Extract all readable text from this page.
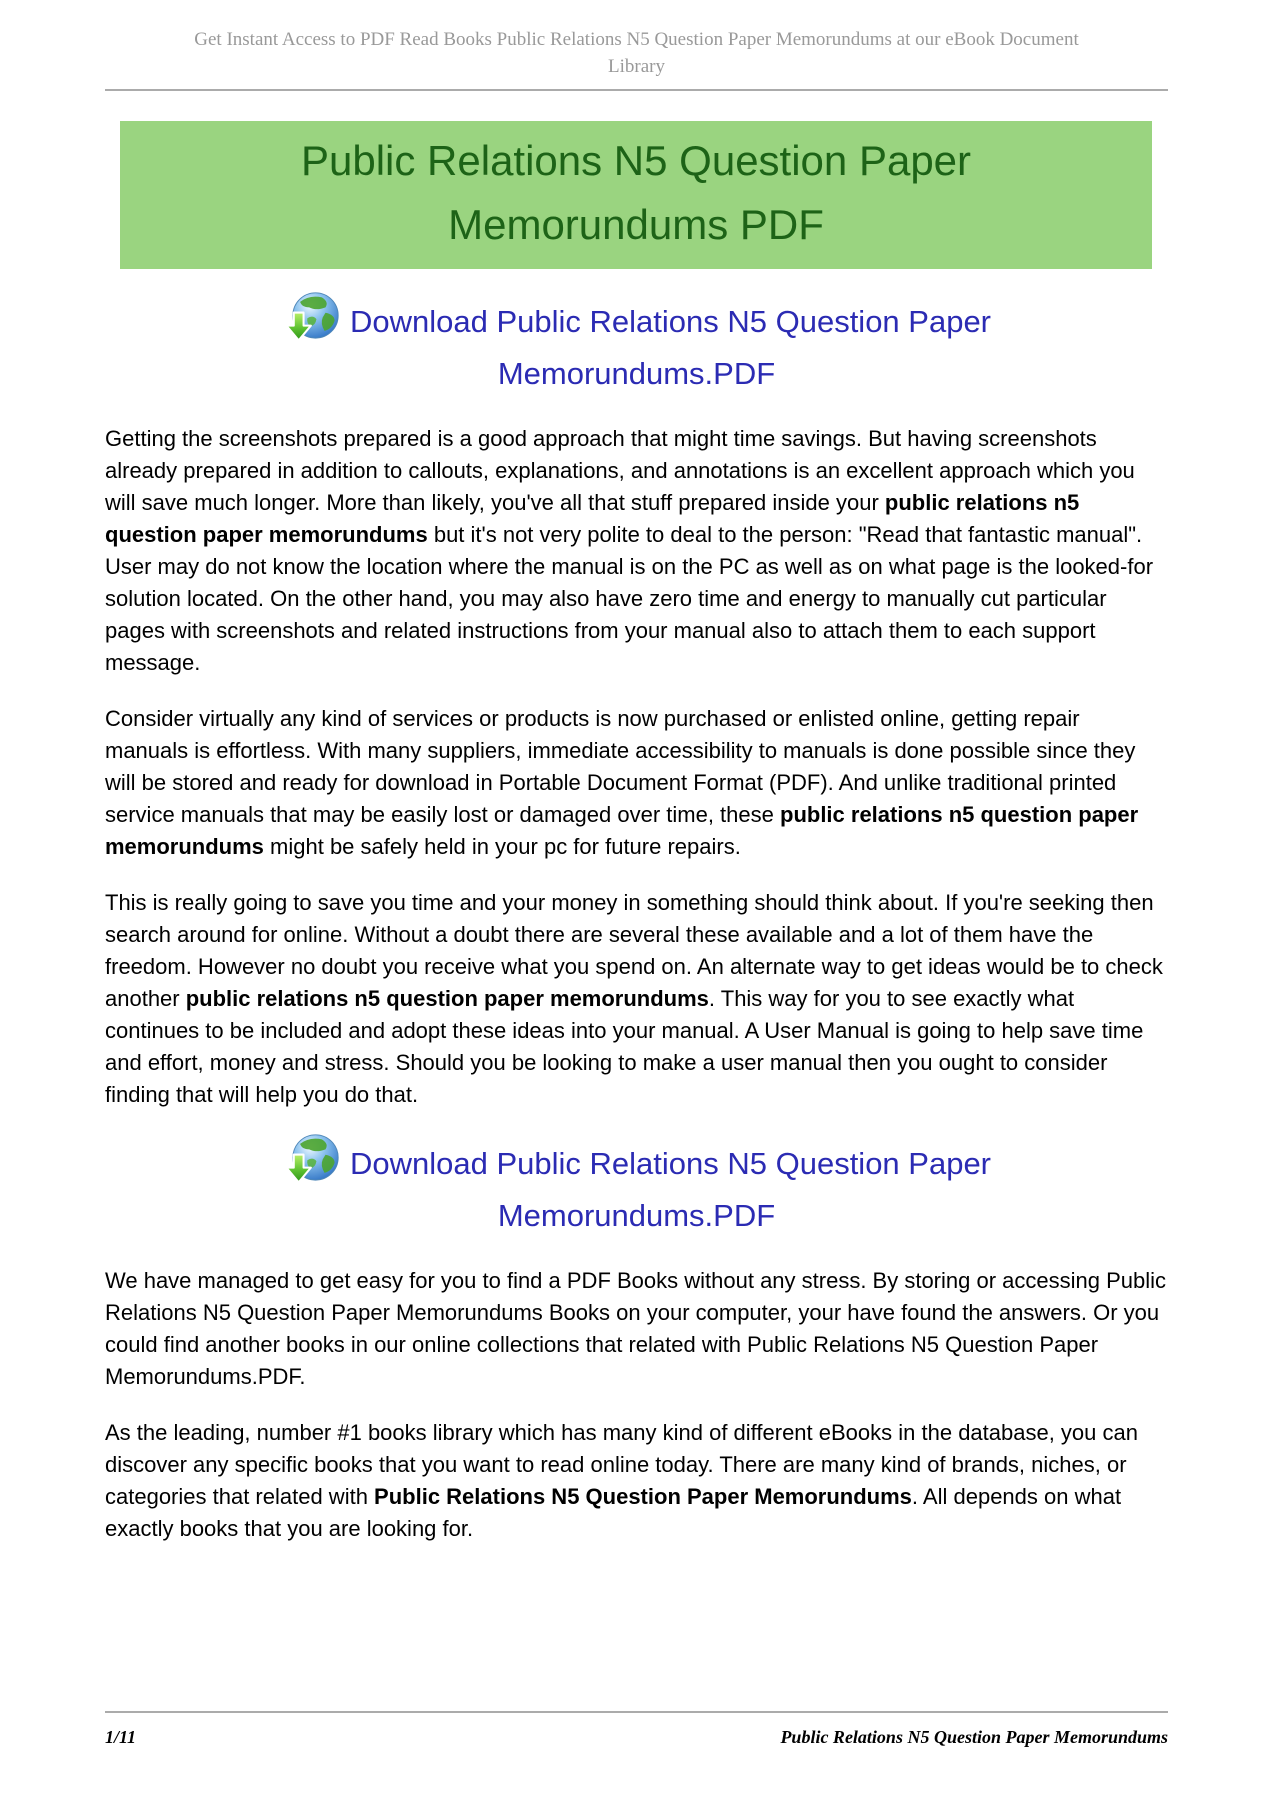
Get Instant Access to PDF Read Books Public Relations N5 Question Paper Memorundums at our eBook Document Library
Public Relations N5 Question Paper Memorundums PDF
Download Public Relations N5 Question Paper
Memorundums.PDF

Getting the screenshots prepared is a good approach that might time savings. But having screenshots already prepared in addition to callouts, explanations, and annotations is an excellent approach which you will save much longer. More than likely, you've all that stuff prepared inside your public relations n5 question paper memorundums but it's not very polite to deal to the person: "Read that fantastic manual". User may do not know the location where the manual is on the PC as well as on what page is the looked-for solution located. On the other hand, you may also have zero time and energy to manually cut particular pages with screenshots and related instructions from your manual also to attach them to each support message.

Consider virtually any kind of services or products is now purchased or enlisted online, getting repair manuals is effortless. With many suppliers, immediate accessibility to manuals is done possible since they will be stored and ready for download in Portable Document Format (PDF). And unlike traditional printed service manuals that may be easily lost or damaged over time, these public relations n5 question paper memorundums might be safely held in your pc for future repairs.

This is really going to save you time and your money in something should think about. If you're seeking then search around for online. Without a doubt there are several these available and a lot of them have the freedom. However no doubt you receive what you spend on. An alternate way to get ideas would be to check another public relations n5 question paper memorundums. This way for you to see exactly what continues to be included and adopt these ideas into your manual. A User Manual is going to help save time and effort, money and stress. Should you be looking to make a user manual then you ought to consider finding that will help you do that.

Download Public Relations N5 Question Paper
Memorundums.PDF

We have managed to get easy for you to find a PDF Books without any stress. By storing or accessing Public Relations N5 Question Paper Memorundums Books on your computer, your have found the answers. Or you could find another books in our online collections that related with Public Relations N5 Question Paper Memorundums.PDF.

As the leading, number #1 books library which has many kind of different eBooks in the database, you can discover any specific books that you want to read online today. There are many kind of brands, niches, or categories that related with Public Relations N5 Question Paper Memorundums. All depends on what exactly books that you are looking for.

1/11	Public Relations N5 Question Paper Memorundums
